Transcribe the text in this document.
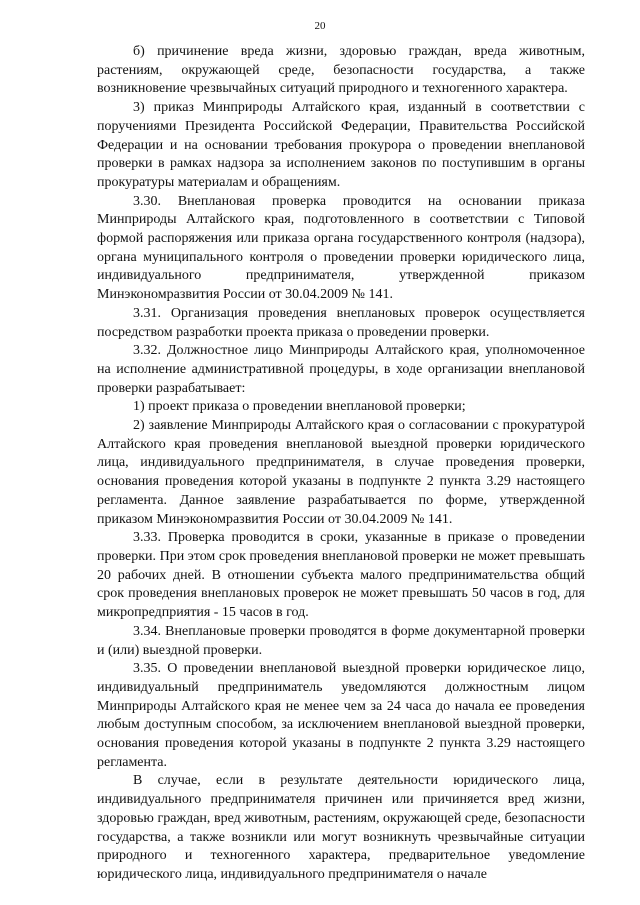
20

б) причинение вреда жизни, здоровью граждан, вреда животным, растениям, окружающей среде, безопасности государства, а также возникновение чрезвычайных ситуаций природного и техногенного характера.

3) приказ Минприроды Алтайского края, изданный в соответствии с поручениями Президента Российской Федерации, Правительства Российской Федерации и на основании требования прокурора о проведении внеплановой проверки в рамках надзора за исполнением законов по поступившим в органы прокуратуры материалам и обращениям.

3.30. Внеплановая проверка проводится на основании приказа Минприроды Алтайского края, подготовленного в соответствии с Типовой формой распоряжения или приказа органа государственного контроля (надзора), органа муниципального контроля о проведении проверки юридического лица, индивидуального предпринимателя, утвержденной приказом Минэкономразвития России от 30.04.2009 № 141.

3.31. Организация проведения внеплановых проверок осуществляется посредством разработки проекта приказа о проведении проверки.

3.32. Должностное лицо Минприроды Алтайского края, уполномоченное на исполнение административной процедуры, в ходе организации внеплановой проверки разрабатывает:

1) проект приказа о проведении внеплановой проверки;

2) заявление Минприроды Алтайского края о согласовании с прокуратурой Алтайского края проведения внеплановой выездной проверки юридического лица, индивидуального предпринимателя, в случае проведения проверки, основания проведения которой указаны в подпункте 2 пункта 3.29 настоящего регламента. Данное заявление разрабатывается по форме, утвержденной приказом Минэкономразвития России от 30.04.2009 № 141.

3.33. Проверка проводится в сроки, указанные в приказе о проведении проверки. При этом срок проведения внеплановой проверки не может превышать 20 рабочих дней. В отношении субъекта малого предпринимательства общий срок проведения внеплановых проверок не может превышать 50 часов в год, для микропредприятия - 15 часов в год.

3.34. Внеплановые проверки проводятся в форме документарной проверки и (или) выездной проверки.

3.35. О проведении внеплановой выездной проверки юридическое лицо, индивидуальный предприниматель уведомляются должностным лицом Минприроды Алтайского края не менее чем за 24 часа до начала ее проведения любым доступным способом, за исключением внеплановой выездной проверки, основания проведения которой указаны в подпункте 2 пункта 3.29 настоящего регламента.

В случае, если в результате деятельности юридического лица, индивидуального предпринимателя причинен или причиняется вред жизни, здоровью граждан, вред животным, растениям, окружающей среде, безопасности государства, а также возникли или могут возникнуть чрезвычайные ситуации природного и техногенного характера, предварительное уведомление юридического лица, индивидуального предпринимателя о начале
